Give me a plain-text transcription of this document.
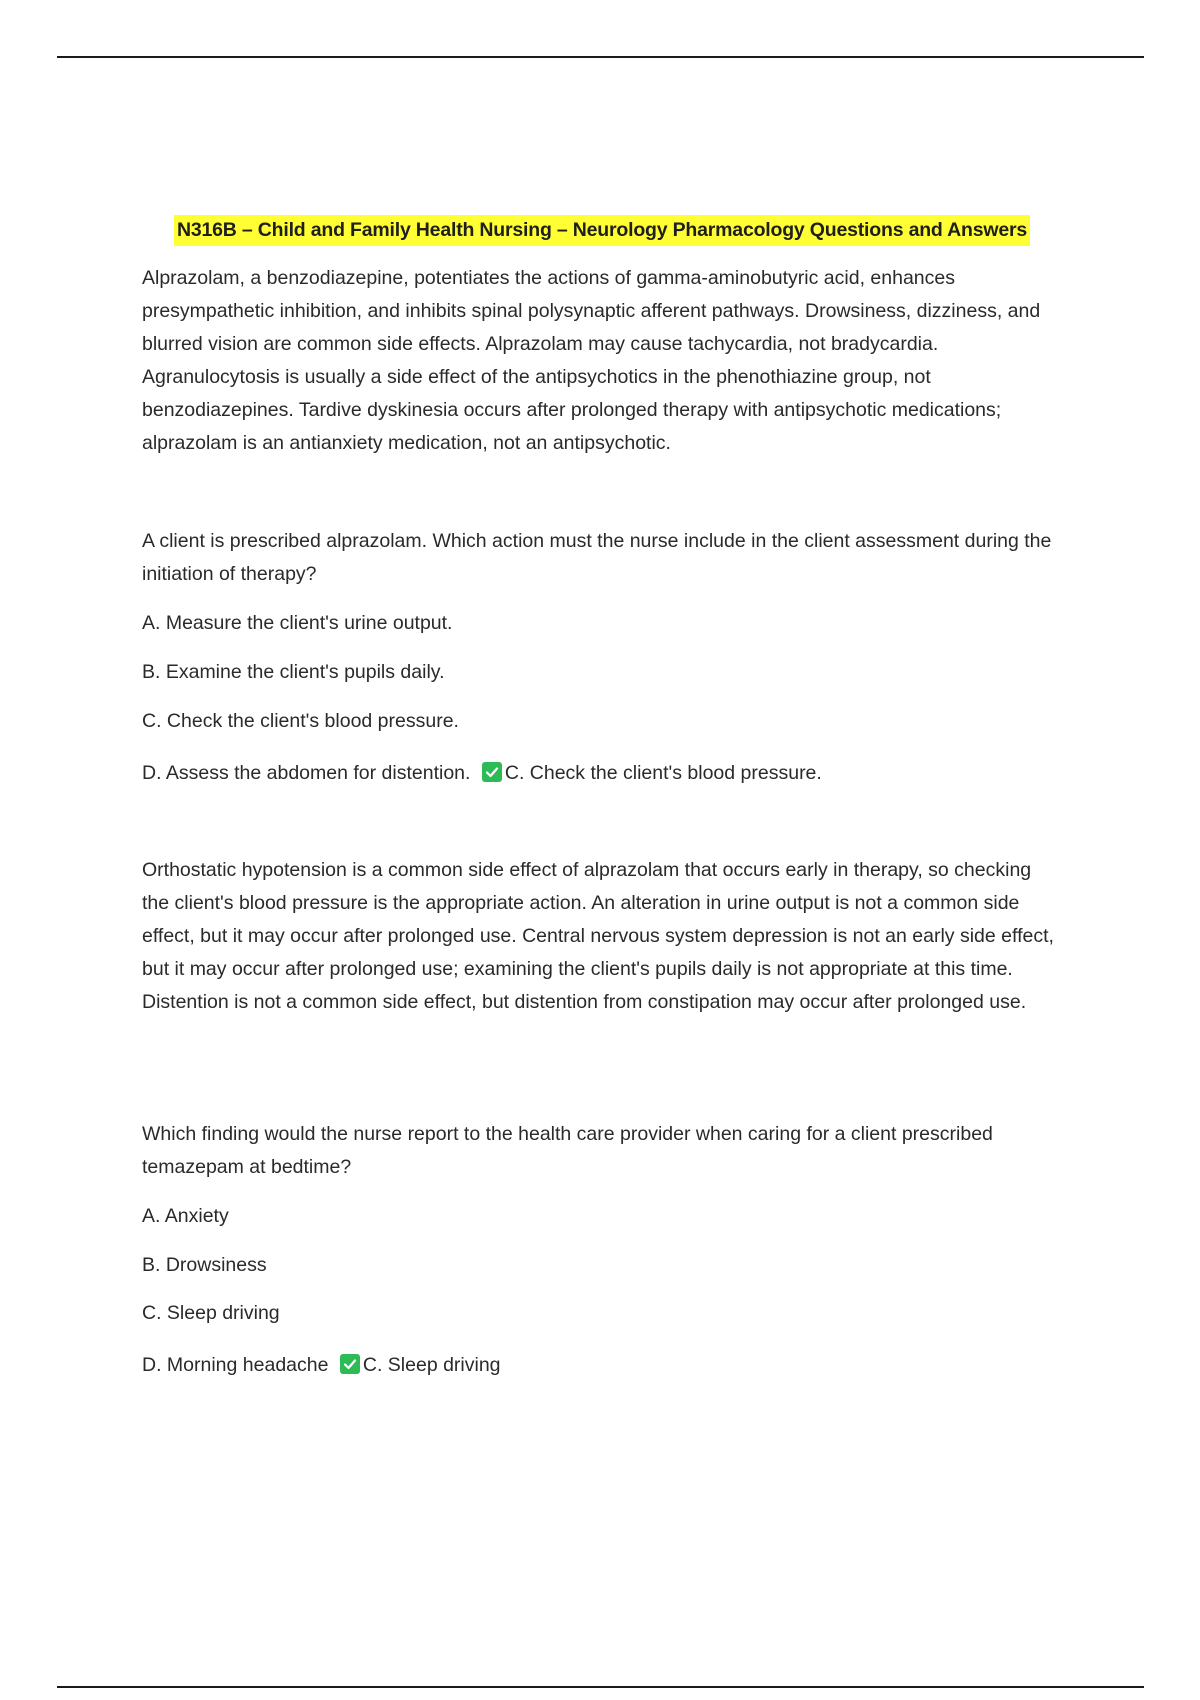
N316B – Child and Family Health Nursing – Neurology Pharmacology Questions and Answers

Alprazolam, a benzodiazepine, potentiates the actions of gamma-aminobutyric acid, enhances presympathetic inhibition, and inhibits spinal polysynaptic afferent pathways. Drowsiness, dizziness, and blurred vision are common side effects. Alprazolam may cause tachycardia, not bradycardia. Agranulocytosis is usually a side effect of the antipsychotics in the phenothiazine group, not benzodiazepines. Tardive dyskinesia occurs after prolonged therapy with antipsychotic medications; alprazolam is an antianxiety medication, not an antipsychotic.

A client is prescribed alprazolam. Which action must the nurse include in the client assessment during the initiation of therapy?

A. Measure the client's urine output.
B. Examine the client's pupils daily.
C. Check the client's blood pressure.
D. Assess the abdomen for distention. C. Check the client's blood pressure.

Orthostatic hypotension is a common side effect of alprazolam that occurs early in therapy, so checking the client's blood pressure is the appropriate action. An alteration in urine output is not a common side effect, but it may occur after prolonged use. Central nervous system depression is not an early side effect, but it may occur after prolonged use; examining the client's pupils daily is not appropriate at this time. Distention is not a common side effect, but distention from constipation may occur after prolonged use.

Which finding would the nurse report to the health care provider when caring for a client prescribed temazepam at bedtime?

A. Anxiety
B. Drowsiness
C. Sleep driving
D. Morning headache C. Sleep driving
